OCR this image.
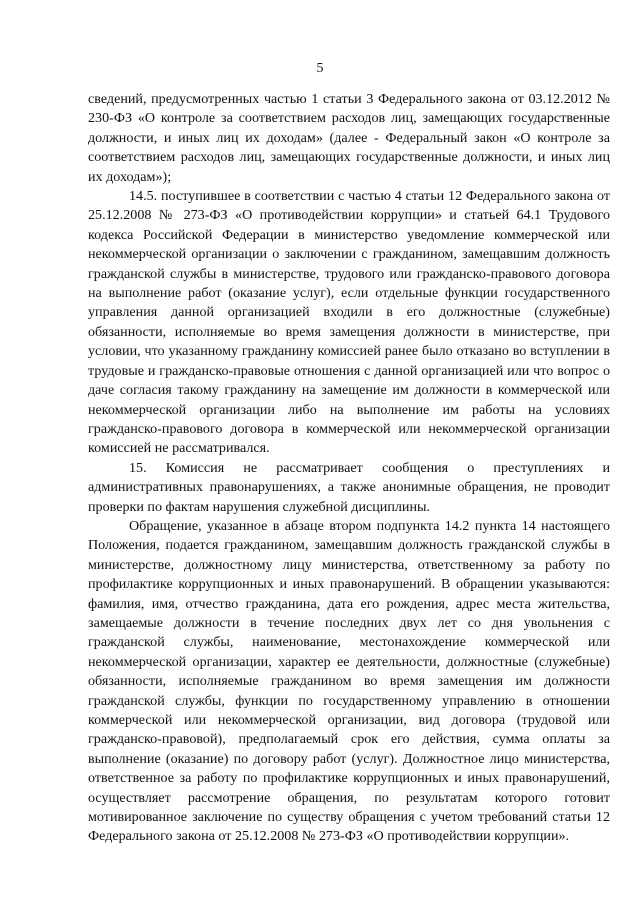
5

сведений, предусмотренных частью 1 статьи 3 Федерального закона от 03.12.2012 № 230-ФЗ «О контроле за соответствием расходов лиц, замещающих государственные должности, и иных лиц их доходам» (далее - Федеральный закон «О контроле за соответствием расходов лиц, замещающих государственные должности, и иных лиц их доходам»);

14.5. поступившее в соответствии с частью 4 статьи 12 Федерального закона от 25.12.2008 № 273-ФЗ «О противодействии коррупции» и статьей 64.1 Трудового кодекса Российской Федерации в министерство уведомление коммерческой или некоммерческой организации о заключении с гражданином, замещавшим должность гражданской службы в министерстве, трудового или гражданско-правового договора на выполнение работ (оказание услуг), если отдельные функции государственного управления данной организацией входили в его должностные (служебные) обязанности, исполняемые во время замещения должности в министерстве, при условии, что указанному гражданину комиссией ранее было отказано во вступлении в трудовые и гражданско-правовые отношения с данной организацией или что вопрос о даче согласия такому гражданину на замещение им должности в коммерческой или некоммерческой организации либо на выполнение им работы на условиях гражданско-правового договора в коммерческой или некоммерческой организации комиссией не рассматривался.

15. Комиссия не рассматривает сообщения о преступлениях и административных правонарушениях, а также анонимные обращения, не проводит проверки по фактам нарушения служебной дисциплины.

Обращение, указанное в абзаце втором подпункта 14.2 пункта 14 настоящего Положения, подается гражданином, замещавшим должность гражданской службы в министерстве, должностному лицу министерства, ответственному за работу по профилактике коррупционных и иных правонарушений. В обращении указываются: фамилия, имя, отчество гражданина, дата его рождения, адрес места жительства, замещаемые должности в течение последних двух лет со дня увольнения с гражданской службы, наименование, местонахождение коммерческой или некоммерческой организации, характер ее деятельности, должностные (служебные) обязанности, исполняемые гражданином во время замещения им должности гражданской службы, функции по государственному управлению в отношении коммерческой или некоммерческой организации, вид договора (трудовой или гражданско-правовой), предполагаемый срок его действия, сумма оплаты за выполнение (оказание) по договору работ (услуг). Должностное лицо министерства, ответственное за работу по профилактике коррупционных и иных правонарушений, осуществляет рассмотрение обращения, по результатам которого готовит мотивированное заключение по существу обращения с учетом требований статьи 12 Федерального закона от 25.12.2008 № 273-ФЗ «О противодействии коррупции».
